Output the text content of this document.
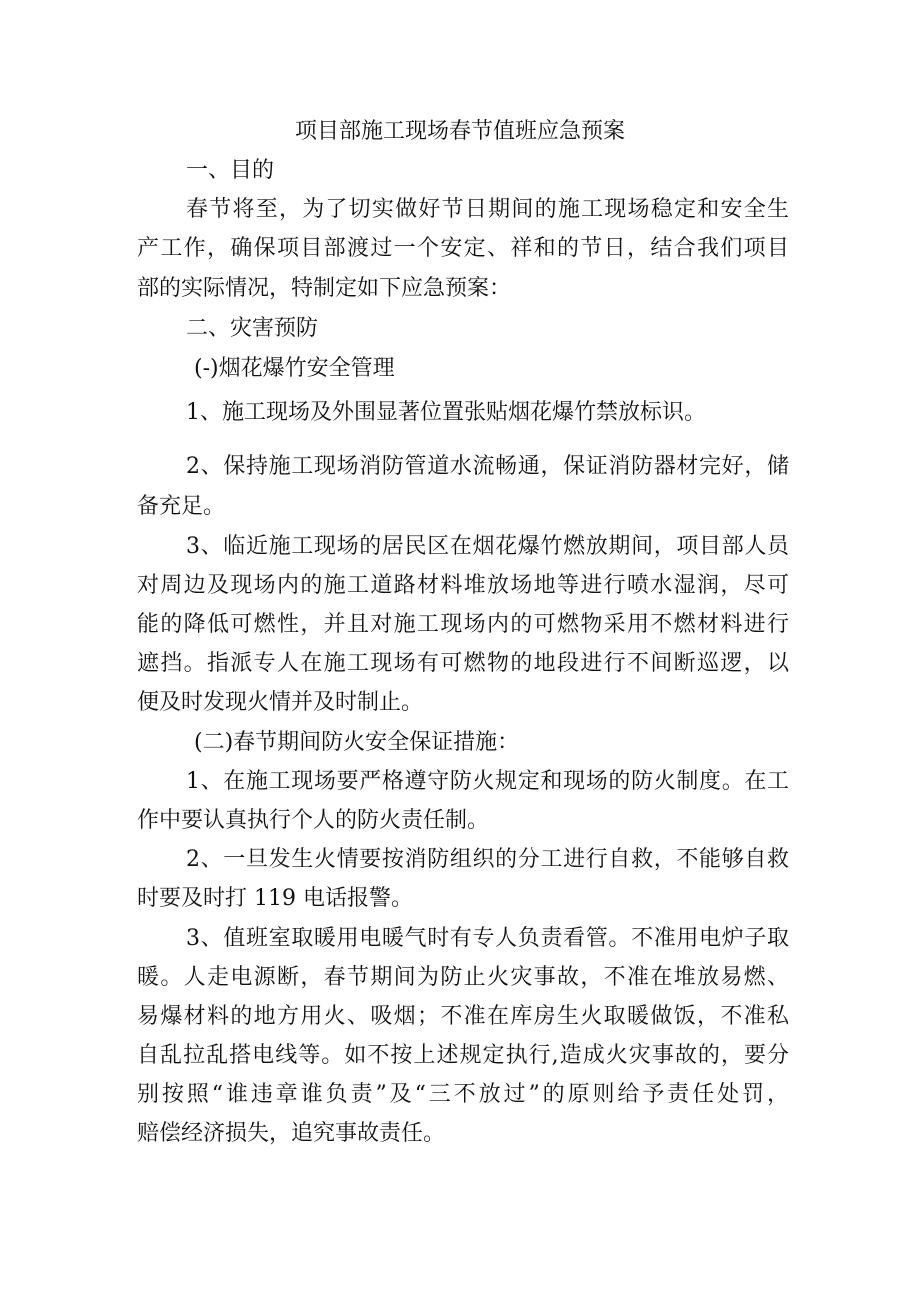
项目部施工现场春节值班应急预案
一、目的
春节将至，为了切实做好节日期间的施工现场稳定和安全生
产工作，确保项目部渡过一个安定、祥和的节日，结合我们项目
部的实际情况，特制定如下应急预案：
二、灾害预防
(-)烟花爆竹安全管理
1、施工现场及外围显著位置张贴烟花爆竹禁放标识。
2、保持施工现场消防管道水流畅通，保证消防器材完好，储
备充足。
3、临近施工现场的居民区在烟花爆竹燃放期间，项目部人员
对周边及现场内的施工道路材料堆放场地等进行喷水湿润，尽可
能的降低可燃性，并且对施工现场内的可燃物采用不燃材料进行
遮挡。指派专人在施工现场有可燃物的地段进行不间断巡逻，以
便及时发现火情并及时制止。
(二)春节期间防火安全保证措施：
1、在施工现场要严格遵守防火规定和现场的防火制度。在工
作中要认真执行个人的防火责任制。
2、一旦发生火情要按消防组织的分工进行自救，不能够自救
时要及时打 119 电话报警。
3、值班室取暖用电暖气时有专人负责看管。不准用电炉子取
暖。人走电源断，春节期间为防止火灾事故，不准在堆放易燃、
易爆材料的地方用火、吸烟；不准在库房生火取暖做饭，不准私
自乱拉乱搭电线等。如不按上述规定执行,造成火灾事故的，要分
别按照“谁违章谁负责”及“三不放过”的原则给予责任处罚，
赔偿经济损失，追究事故责任。
